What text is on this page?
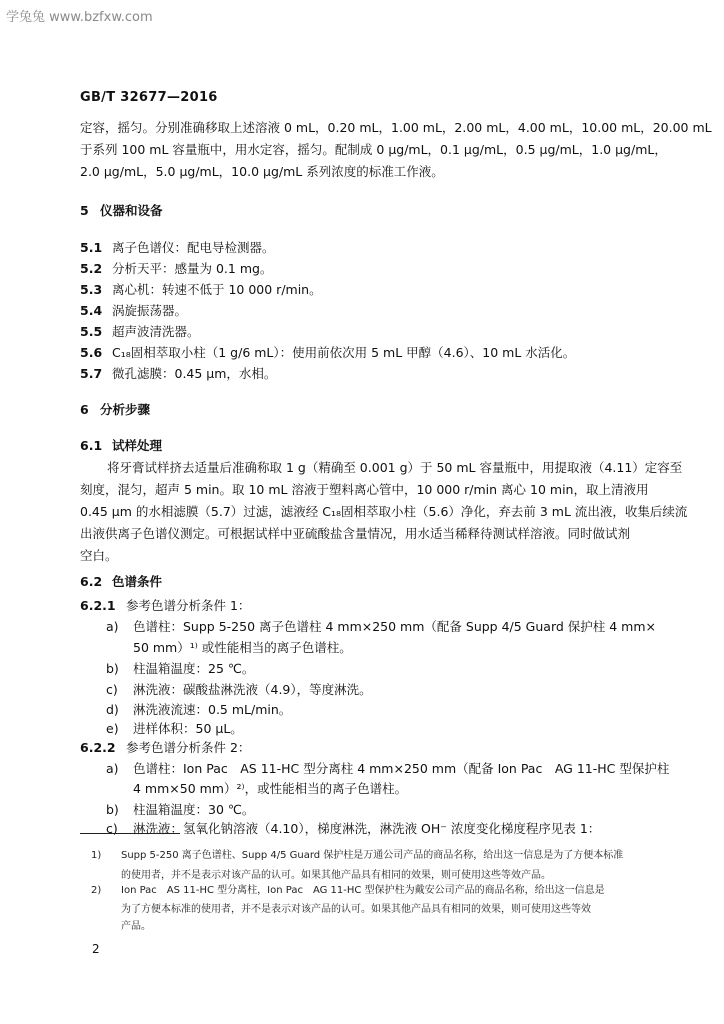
学兔兔 www.bzfxw.com
GB/T 32677—2016
定容，摇匀。分别准确移取上述溶液 0 mL，0.20 mL，1.00 mL，2.00 mL，4.00 mL，10.00 mL，20.00 mL
于系列 100 mL 容量瓶中，用水定容，摇匀。配制成 0 μg/mL，0.1 μg/mL，0.5 μg/mL，1.0 μg/mL，
2.0 μg/mL，5.0 μg/mL，10.0 μg/mL 系列浓度的标准工作液。
5 仪器和设备
5.1 离子色谱仪：配电导检测器。
5.2 分析天平：感量为 0.1 mg。
5.3 离心机：转速不低于 10 000 r/min。
5.4 涡旋振荡器。
5.5 超声波清洗器。
5.6 C₁₈固相萃取小柱（1 g/6 mL）：使用前依次用 5 mL 甲醇（4.6）、10 mL 水活化。
5.7 微孔滤膜：0.45 μm，水相。
6 分析步骤
6.1 试样处理
将牙膏试样挤去适量后准确称取 1 g（精确至 0.001 g）于 50 mL 容量瓶中，用提取液（4.11）定容至
刻度，混匀，超声 5 min。取 10 mL 溶液于塑料离心管中，10 000 r/min 离心 10 min，取上清液用
0.45 μm 的水相滤膜（5.7）过滤，滤液经 C₁₈固相萃取小柱（5.6）净化，弃去前 3 mL 流出液，收集后续流
出液供离子色谱仪测定。可根据试样中亚硫酸盐含量情况，用水适当稀释待测试样溶液。同时做试剂
空白。
6.2 色谱条件
6.2.1 参考色谱分析条件 1：
a) 色谱柱：Supp 5-250 离子色谱柱 4 mm×250 mm（配备 Supp 4/5 Guard 保护柱 4 mm×
50 mm）¹⁾ 或性能相当的离子色谱柱。
b) 柱温箱温度：25 ℃。
c) 淋洗液：碳酸盐淋洗液（4.9），等度淋洗。
d) 淋洗液流速：0.5 mL/min。
e) 进样体积：50 μL。
6.2.2 参考色谱分析条件 2：
a) 色谱柱：Ion Pac　AS 11-HC 型分离柱 4 mm×250 mm（配备 Ion Pac　AG 11-HC 型保护柱
4 mm×50 mm）²⁾，或性能相当的离子色谱柱。
b) 柱温箱温度：30 ℃。
c) 淋洗液：氢氧化钠溶液（4.10），梯度淋洗，淋洗液 OH⁻ 浓度变化梯度程序见表 1：
1) Supp 5-250 离子色谱柱、Supp 4/5 Guard 保护柱是万通公司产品的商品名称，给出这一信息是为了方便本标准
的使用者，并不是表示对该产品的认可。如果其他产品具有相同的效果，则可使用这些等效产品。
2) Ion Pac　AS 11-HC 型分离柱，Ion Pac　AG 11-HC 型保护柱为戴安公司产品的商品名称，给出这一信息是
为了方便本标准的使用者，并不是表示对该产品的认可。如果其他产品具有相同的效果，则可使用这些等效
产品。
2
